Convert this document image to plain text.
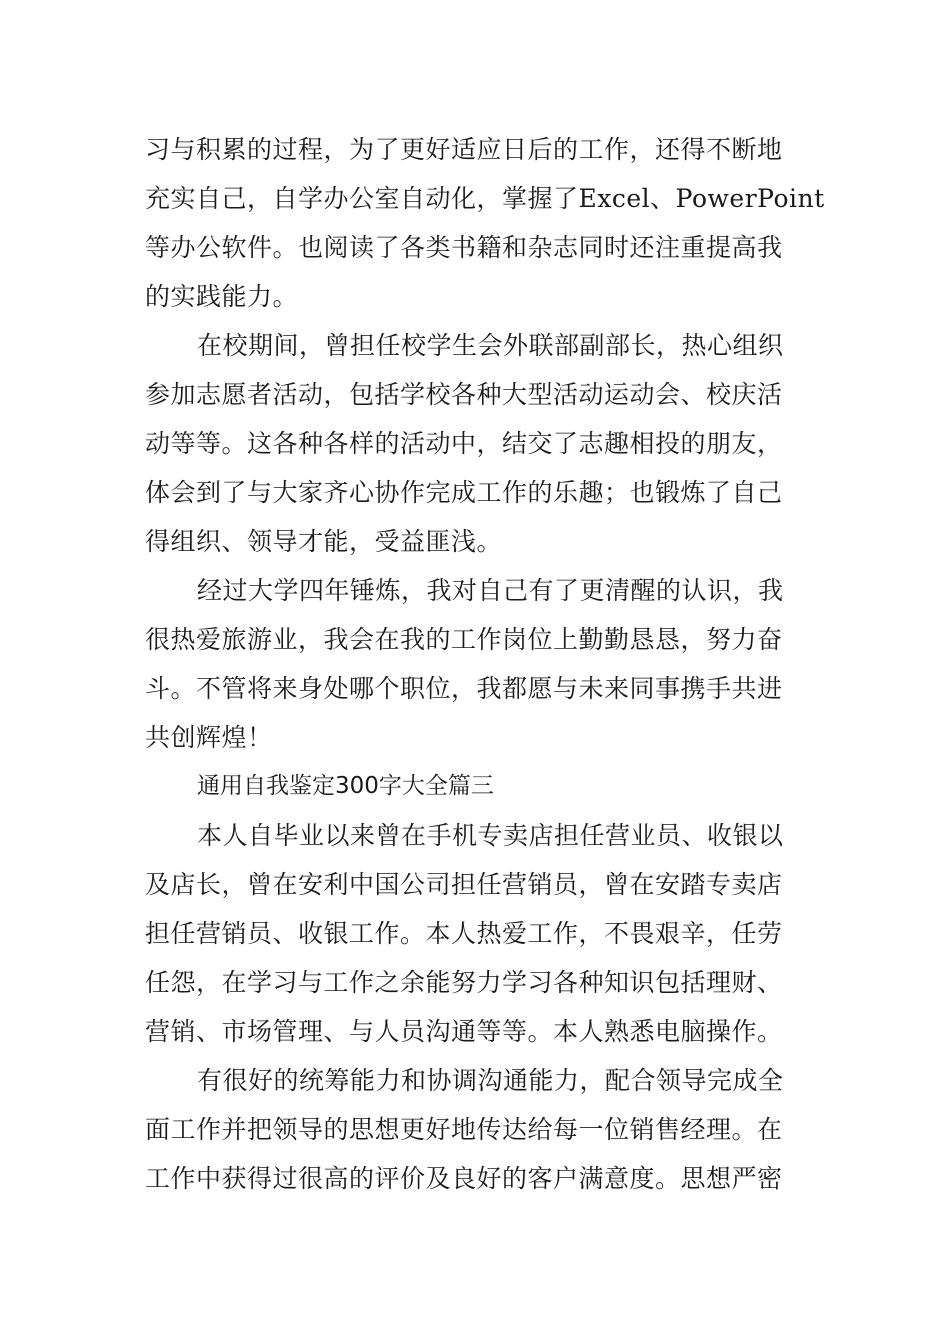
习与积累的过程，为了更好适应日后的工作，还得不断地
充实自己，自学办公室自动化，掌握了Excel、PowerPoint
等办公软件。也阅读了各类书籍和杂志同时还注重提高我
的实践能力。
在校期间，曾担任校学生会外联部副部长，热心组织
参加志愿者活动，包括学校各种大型活动运动会、校庆活
动等等。这各种各样的活动中，结交了志趣相投的朋友，
体会到了与大家齐心协作完成工作的乐趣；也锻炼了自己
得组织、领导才能，受益匪浅。
经过大学四年锤炼，我对自己有了更清醒的认识，我
很热爱旅游业，我会在我的工作岗位上勤勤恳恳，努力奋
斗。不管将来身处哪个职位，我都愿与未来同事携手共进
共创辉煌！
通用自我鉴定300字大全篇三
本人自毕业以来曾在手机专卖店担任营业员、收银以
及店长，曾在安利中国公司担任营销员，曾在安踏专卖店
担任营销员、收银工作。本人热爱工作，不畏艰辛，任劳
任怨，在学习与工作之余能努力学习各种知识包括理财、
营销、市场管理、与人员沟通等等。本人熟悉电脑操作。
有很好的统筹能力和协调沟通能力，配合领导完成全
面工作并把领导的思想更好地传达给每一位销售经理。在
工作中获得过很高的评价及良好的客户满意度。思想严密
